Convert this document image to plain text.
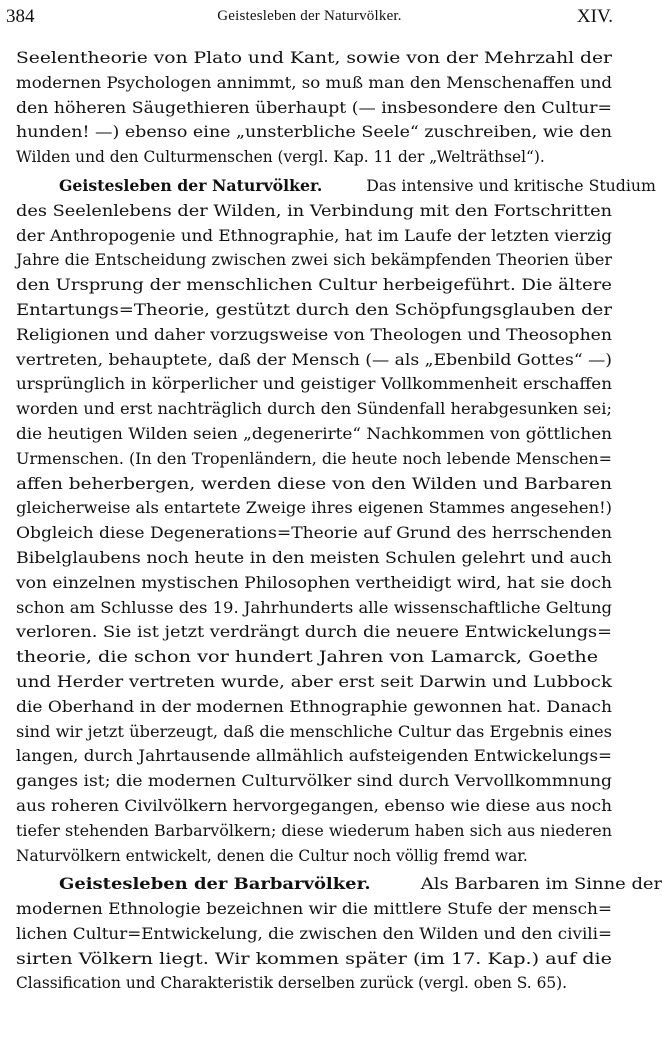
384	Geistesleben der Naturvölker.	XIV.
Seelentheorie von Plato und Kant, sowie von der Mehrzahl der
modernen Psychologen annimmt, so muß man den Menschenaffen und
den höheren Säugethieren überhaupt (— insbesondere den Cultur=
hunden! —) ebenso eine „unsterbliche Seele“ zuschreiben, wie den
Wilden und den Culturmenschen (vergl. Kap. 11 der „Welträthsel“).
Geistesleben der Naturvölker.	Das intensive und kritische Studium
des Seelenlebens der Wilden, in Verbindung mit den Fortschritten
der Anthropogenie und Ethnographie, hat im Laufe der letzten vierzig
Jahre die Entscheidung zwischen zwei sich bekämpfenden Theorien über
den Ursprung der menschlichen Cultur herbeigeführt. Die ältere
Entartungs=Theorie, gestützt durch den Schöpfungsglauben der
Religionen und daher vorzugsweise von Theologen und Theosophen
vertreten, behauptete, daß der Mensch (— als „Ebenbild Gottes“ —)
ursprünglich in körperlicher und geistiger Vollkommenheit erschaffen
worden und erst nachträglich durch den Sündenfall herabgesunken sei;
die heutigen Wilden seien „degenerirte“ Nachkommen von göttlichen
Urmenschen. (In den Tropenländern, die heute noch lebende Menschen=
affen beherbergen, werden diese von den Wilden und Barbaren
gleicherweise als entartete Zweige ihres eigenen Stammes angesehen!)
Obgleich diese Degenerations=Theorie auf Grund des herrschenden
Bibelglaubens noch heute in den meisten Schulen gelehrt und auch
von einzelnen mystischen Philosophen vertheidigt wird, hat sie doch
schon am Schlusse des 19. Jahrhunderts alle wissenschaftliche Geltung
verloren. Sie ist jetzt verdrängt durch die neuere Entwickelungs=
theorie, die schon vor hundert Jahren von Lamarck, Goethe
und Herder vertreten wurde, aber erst seit Darwin und Lubbock
die Oberhand in der modernen Ethnographie gewonnen hat. Danach
sind wir jetzt überzeugt, daß die menschliche Cultur das Ergebnis eines
langen, durch Jahrtausende allmählich aufsteigenden Entwickelungs=
ganges ist; die modernen Culturvölker sind durch Vervollkommnung
aus roheren Civilvölkern hervorgegangen, ebenso wie diese aus noch
tiefer stehenden Barbarvölkern; diese wiederum haben sich aus niederen
Naturvölkern entwickelt, denen die Cultur noch völlig fremd war.
Geistesleben der Barbarvölker.	Als Barbaren im Sinne der
modernen Ethnologie bezeichnen wir die mittlere Stufe der mensch=
lichen Cultur=Entwickelung, die zwischen den Wilden und den civili=
sirten Völkern liegt. Wir kommen später (im 17. Kap.) auf die
Classification und Charakteristik derselben zurück (vergl. oben S. 65).
